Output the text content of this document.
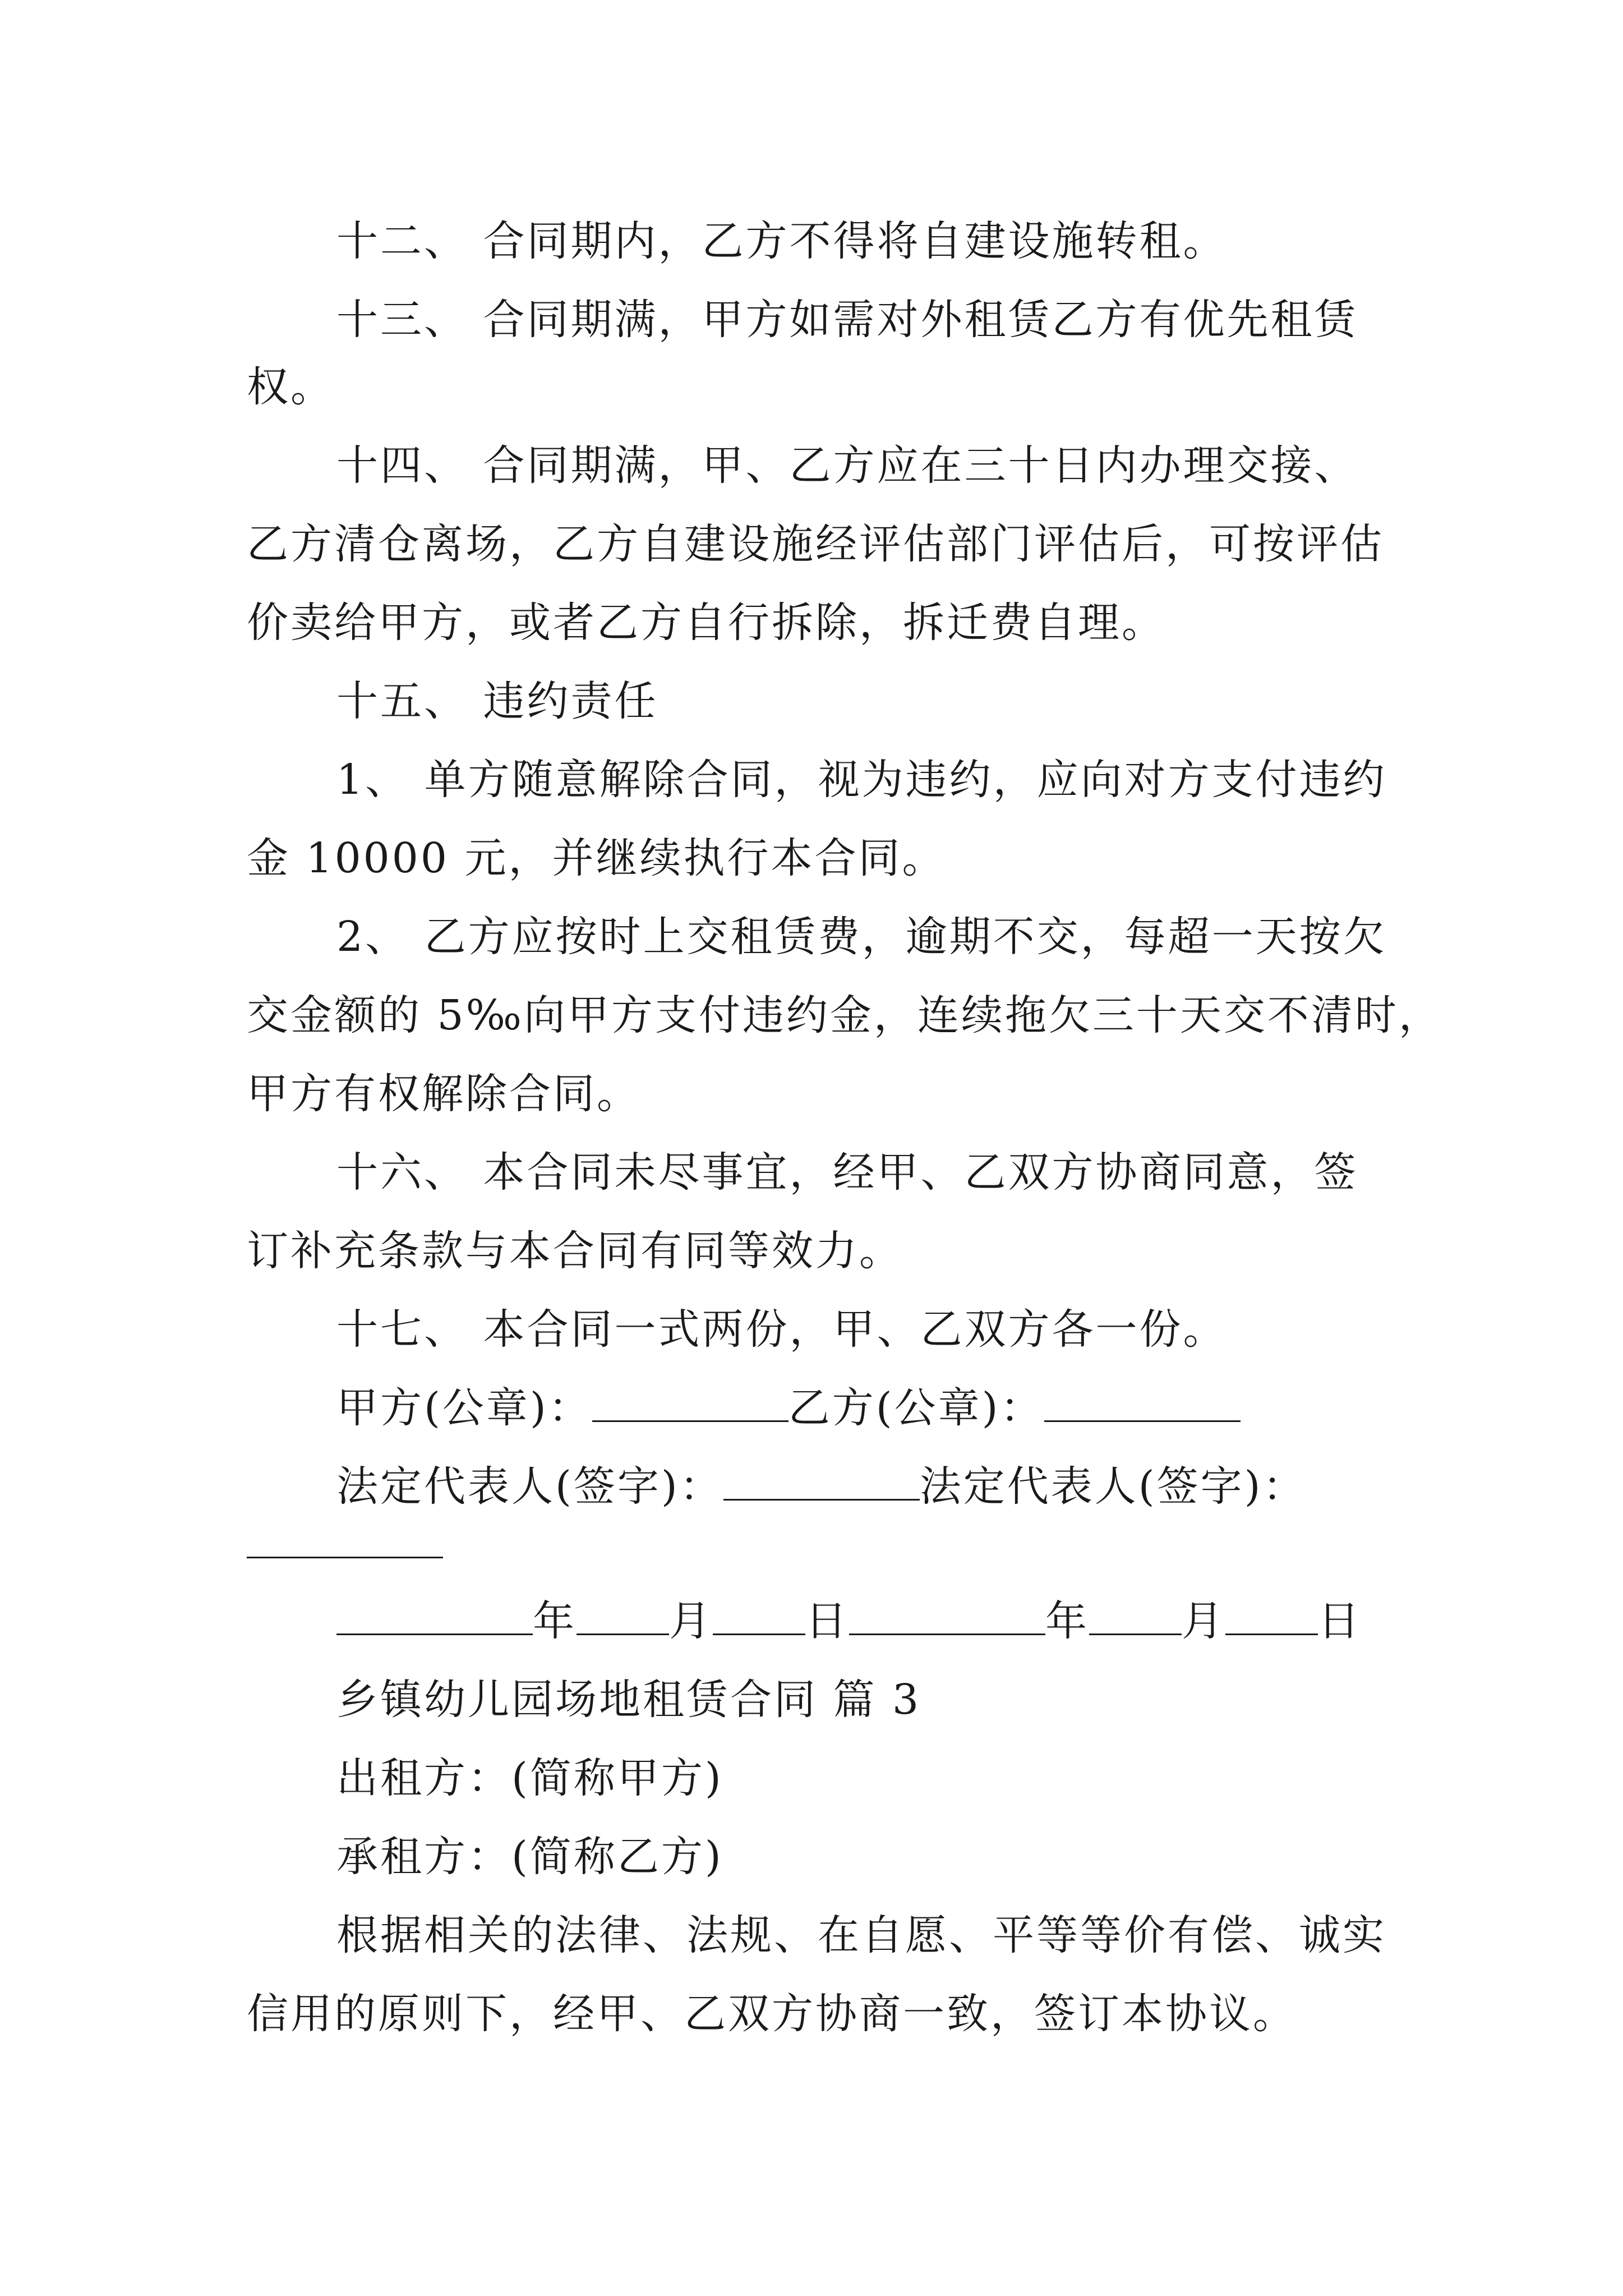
十二、 合同期内，乙方不得将自建设施转租。
十三、 合同期满，甲方如需对外租赁乙方有优先租赁
权。
十四、 合同期满，甲、乙方应在三十日内办理交接、
乙方清仓离场，乙方自建设施经评估部门评估后，可按评估
价卖给甲方，或者乙方自行拆除，拆迁费自理。
十五、 违约责任
1、 单方随意解除合同，视为违约，应向对方支付违约
金 10000 元，并继续执行本合同。
2、 乙方应按时上交租赁费，逾期不交，每超一天按欠
交金额的 5‰向甲方支付违约金，连续拖欠三十天交不清时，
甲方有权解除合同。
十六、 本合同未尽事宜，经甲、乙双方协商同意，签
订补充条款与本合同有同等效力。
十七、 本合同一式两份，甲、乙双方各一份。
甲方(公章)：	乙方(公章)：
法定代表人(签字)：	法定代表人(签字)：
年 月 日	年 月 日
乡镇幼儿园场地租赁合同 篇 3
出租方：(简称甲方)
承租方：(简称乙方)
根据相关的法律、法规、在自愿、平等等价有偿、诚实
信用的原则下，经甲、乙双方协商一致，签订本协议。
